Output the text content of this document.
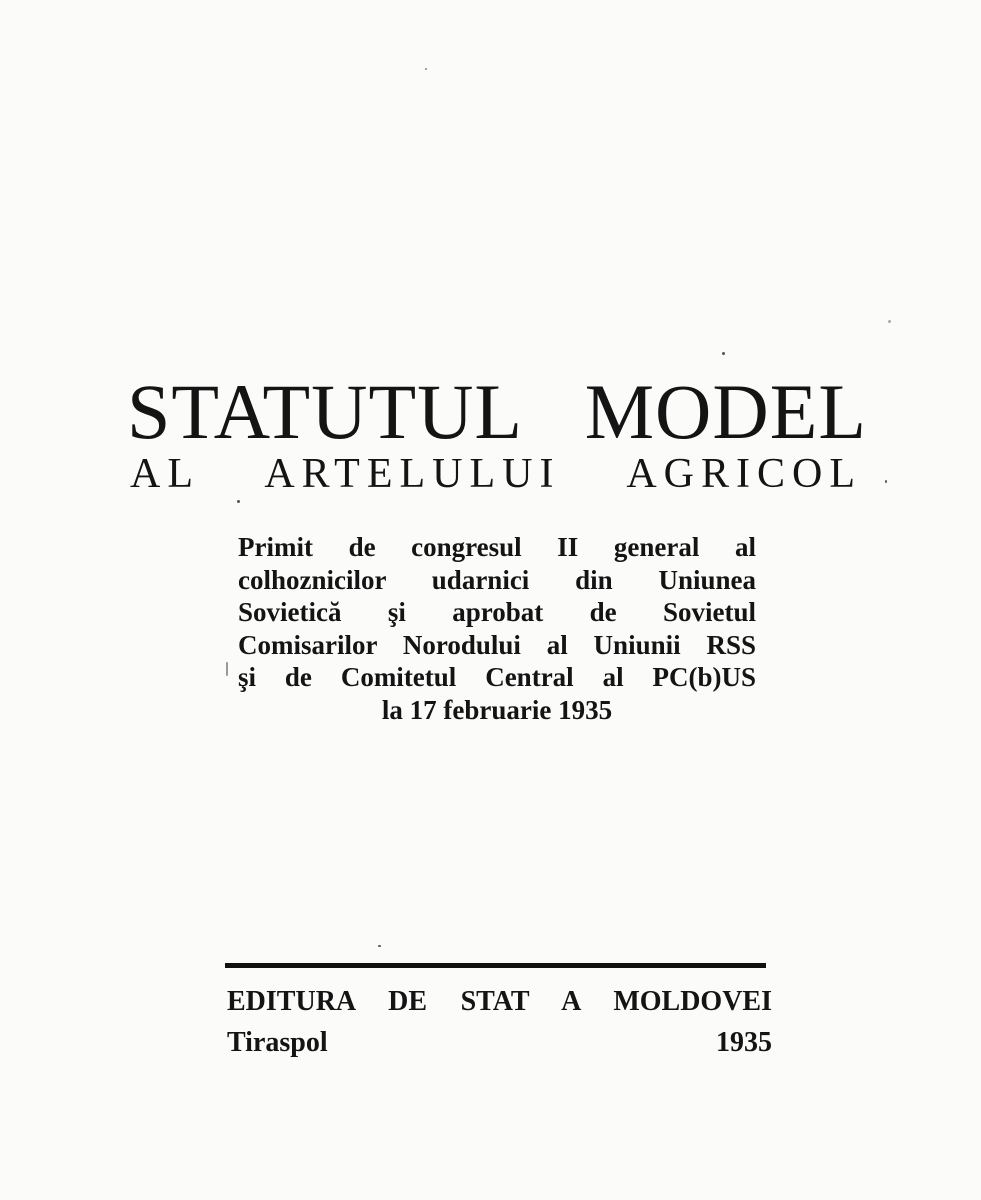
STATUTUL MODEL
AL ARTELULUI AGRICOL
Primit de congresul II general al
colhoznicilor udarnici din Uniunea
Sovietică şi aprobat de Sovietul
Comisarilor Norodului al Uniunii RSS
şi de Comitetul Central al PC(b)US
la 17 februarie 1935
EDITURA DE STAT A MOLDOVEI
Tiraspol	1935
